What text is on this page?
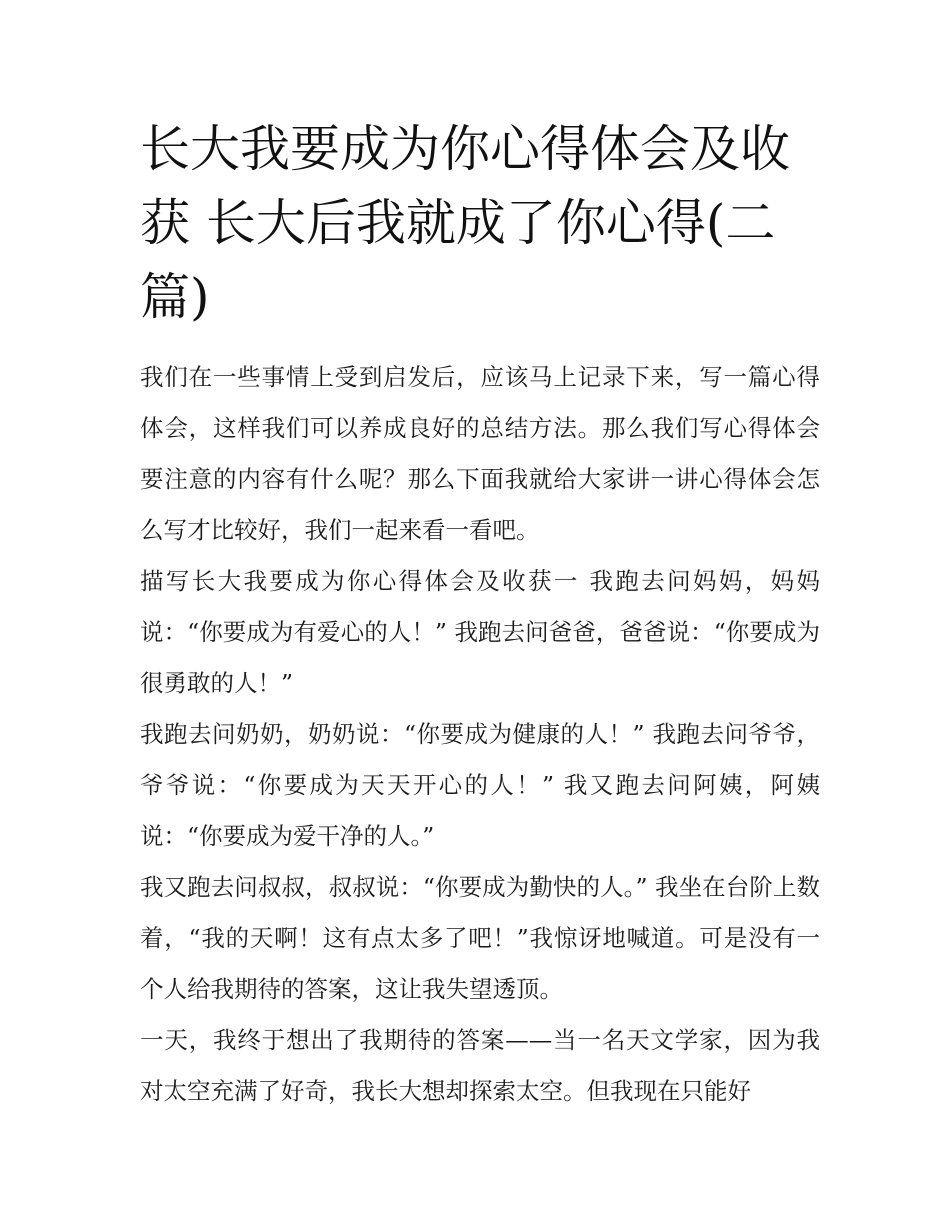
长大我要成为你心得体会及收获 长大后我就成了你心得(二篇)

我们在一些事情上受到启发后，应该马上记录下来，写一篇心得体会，这样我们可以养成良好的总结方法。那么我们写心得体会要注意的内容有什么呢？那么下面我就给大家讲一讲心得体会怎么写才比较好，我们一起来看一看吧。

描写长大我要成为你心得体会及收获一 我跑去问妈妈，妈妈说：“你要成为有爱心的人！” 我跑去问爸爸，爸爸说：“你要成为很勇敢的人！”

我跑去问奶奶，奶奶说：“你要成为健康的人！” 我跑去问爷爷，爷爷说：“你要成为天天开心的人！” 我又跑去问阿姨，阿姨说：“你要成为爱干净的人。”

我又跑去问叔叔，叔叔说：“你要成为勤快的人。” 我坐在台阶上数着，“我的天啊！这有点太多了吧！”我惊讶地喊道。可是没有一个人给我期待的答案，这让我失望透顶。

一天，我终于想出了我期待的答案——当一名天文学家，因为我对太空充满了好奇，我长大想却探索太空。但我现在只能好
